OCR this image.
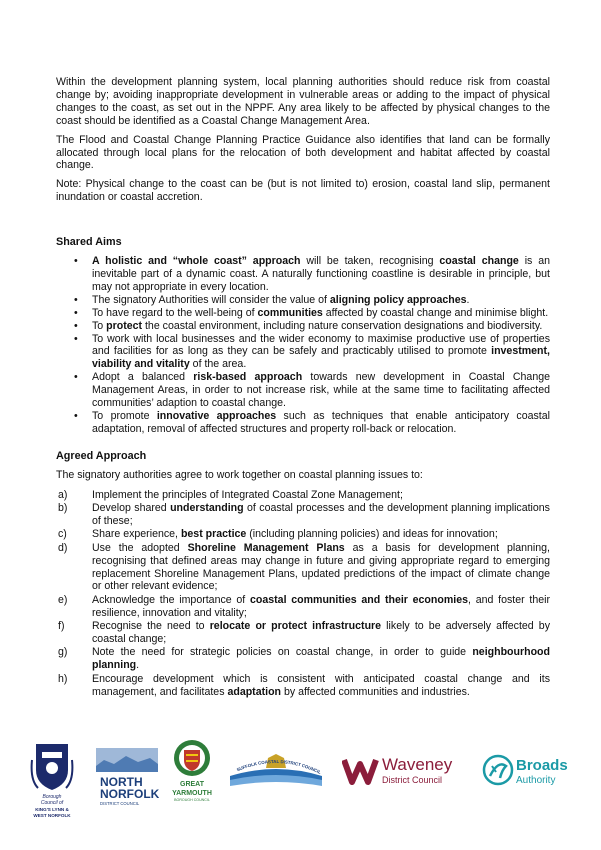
Within the development planning system, local planning authorities should reduce risk from coastal change by; avoiding inappropriate development in vulnerable areas or adding to the impact of physical changes to the coast, as set out in the NPPF. Any area likely to be affected by physical changes to the coast should be identified as a Coastal Change Management Area.

The Flood and Coastal Change Planning Practice Guidance also identifies that land can be formally allocated through local plans for the relocation of both development and habitat affected by coastal change.

Note: Physical change to the coast can be (but is not limited to) erosion, coastal land slip, permanent inundation or coastal accretion.

Shared Aims
• A holistic and “whole coast” approach will be taken, recognising coastal change is an inevitable part of a dynamic coast. A naturally functioning coastline is desirable in principle, but may not appropriate in every location.
• The signatory Authorities will consider the value of aligning policy approaches.
• To have regard to the well-being of communities affected by coastal change and minimise blight.
• To protect the coastal environment, including nature conservation designations and biodiversity.
• To work with local businesses and the wider economy to maximise productive use of properties and facilities for as long as they can be safely and practicably utilised to promote investment, viability and vitality of the area.
• Adopt a balanced risk-based approach towards new development in Coastal Change Management Areas, in order to not increase risk, while at the same time to facilitating affected communities’ adaption to coastal change.
• To promote innovative approaches such as techniques that enable anticipatory coastal adaptation, removal of affected structures and property roll-back or relocation.
Agreed Approach

The signatory authorities agree to work together on coastal planning issues to:

a) Implement the principles of Integrated Coastal Zone Management;
b) Develop shared understanding of coastal processes and the development planning implications of these;
c) Share experience, best practice (including planning policies) and ideas for innovation;
d) Use the adopted Shoreline Management Plans as a basis for development planning, recognising that defined areas may change in future and giving appropriate regard to emerging replacement Shoreline Management Plans, updated predictions of the impact of climate change or other relevant evidence;
e) Acknowledge the importance of coastal communities and their economies, and foster their resilience, innovation and vitality;
f)	Recognise the need to relocate or protect infrastructure likely to be adversely affected by coastal change;
g) Note the need for strategic policies on coastal change, in order to guide neighbourhood planning.
h) Encourage development which is consistent with anticipated coastal change and its management, and facilitates adaptation by affected communities and industries.
Borough
Council of
KING'S LYNN &
WEST NORFOLK
NORTH
NORFOLK
DISTRICT COUNCIL
GREAT
YARMOUTH
BOROUGH COUNCIL
SUFFOLK COASTAL DISTRICT COUNCIL	Waveney
District Council
Broads
Authority
